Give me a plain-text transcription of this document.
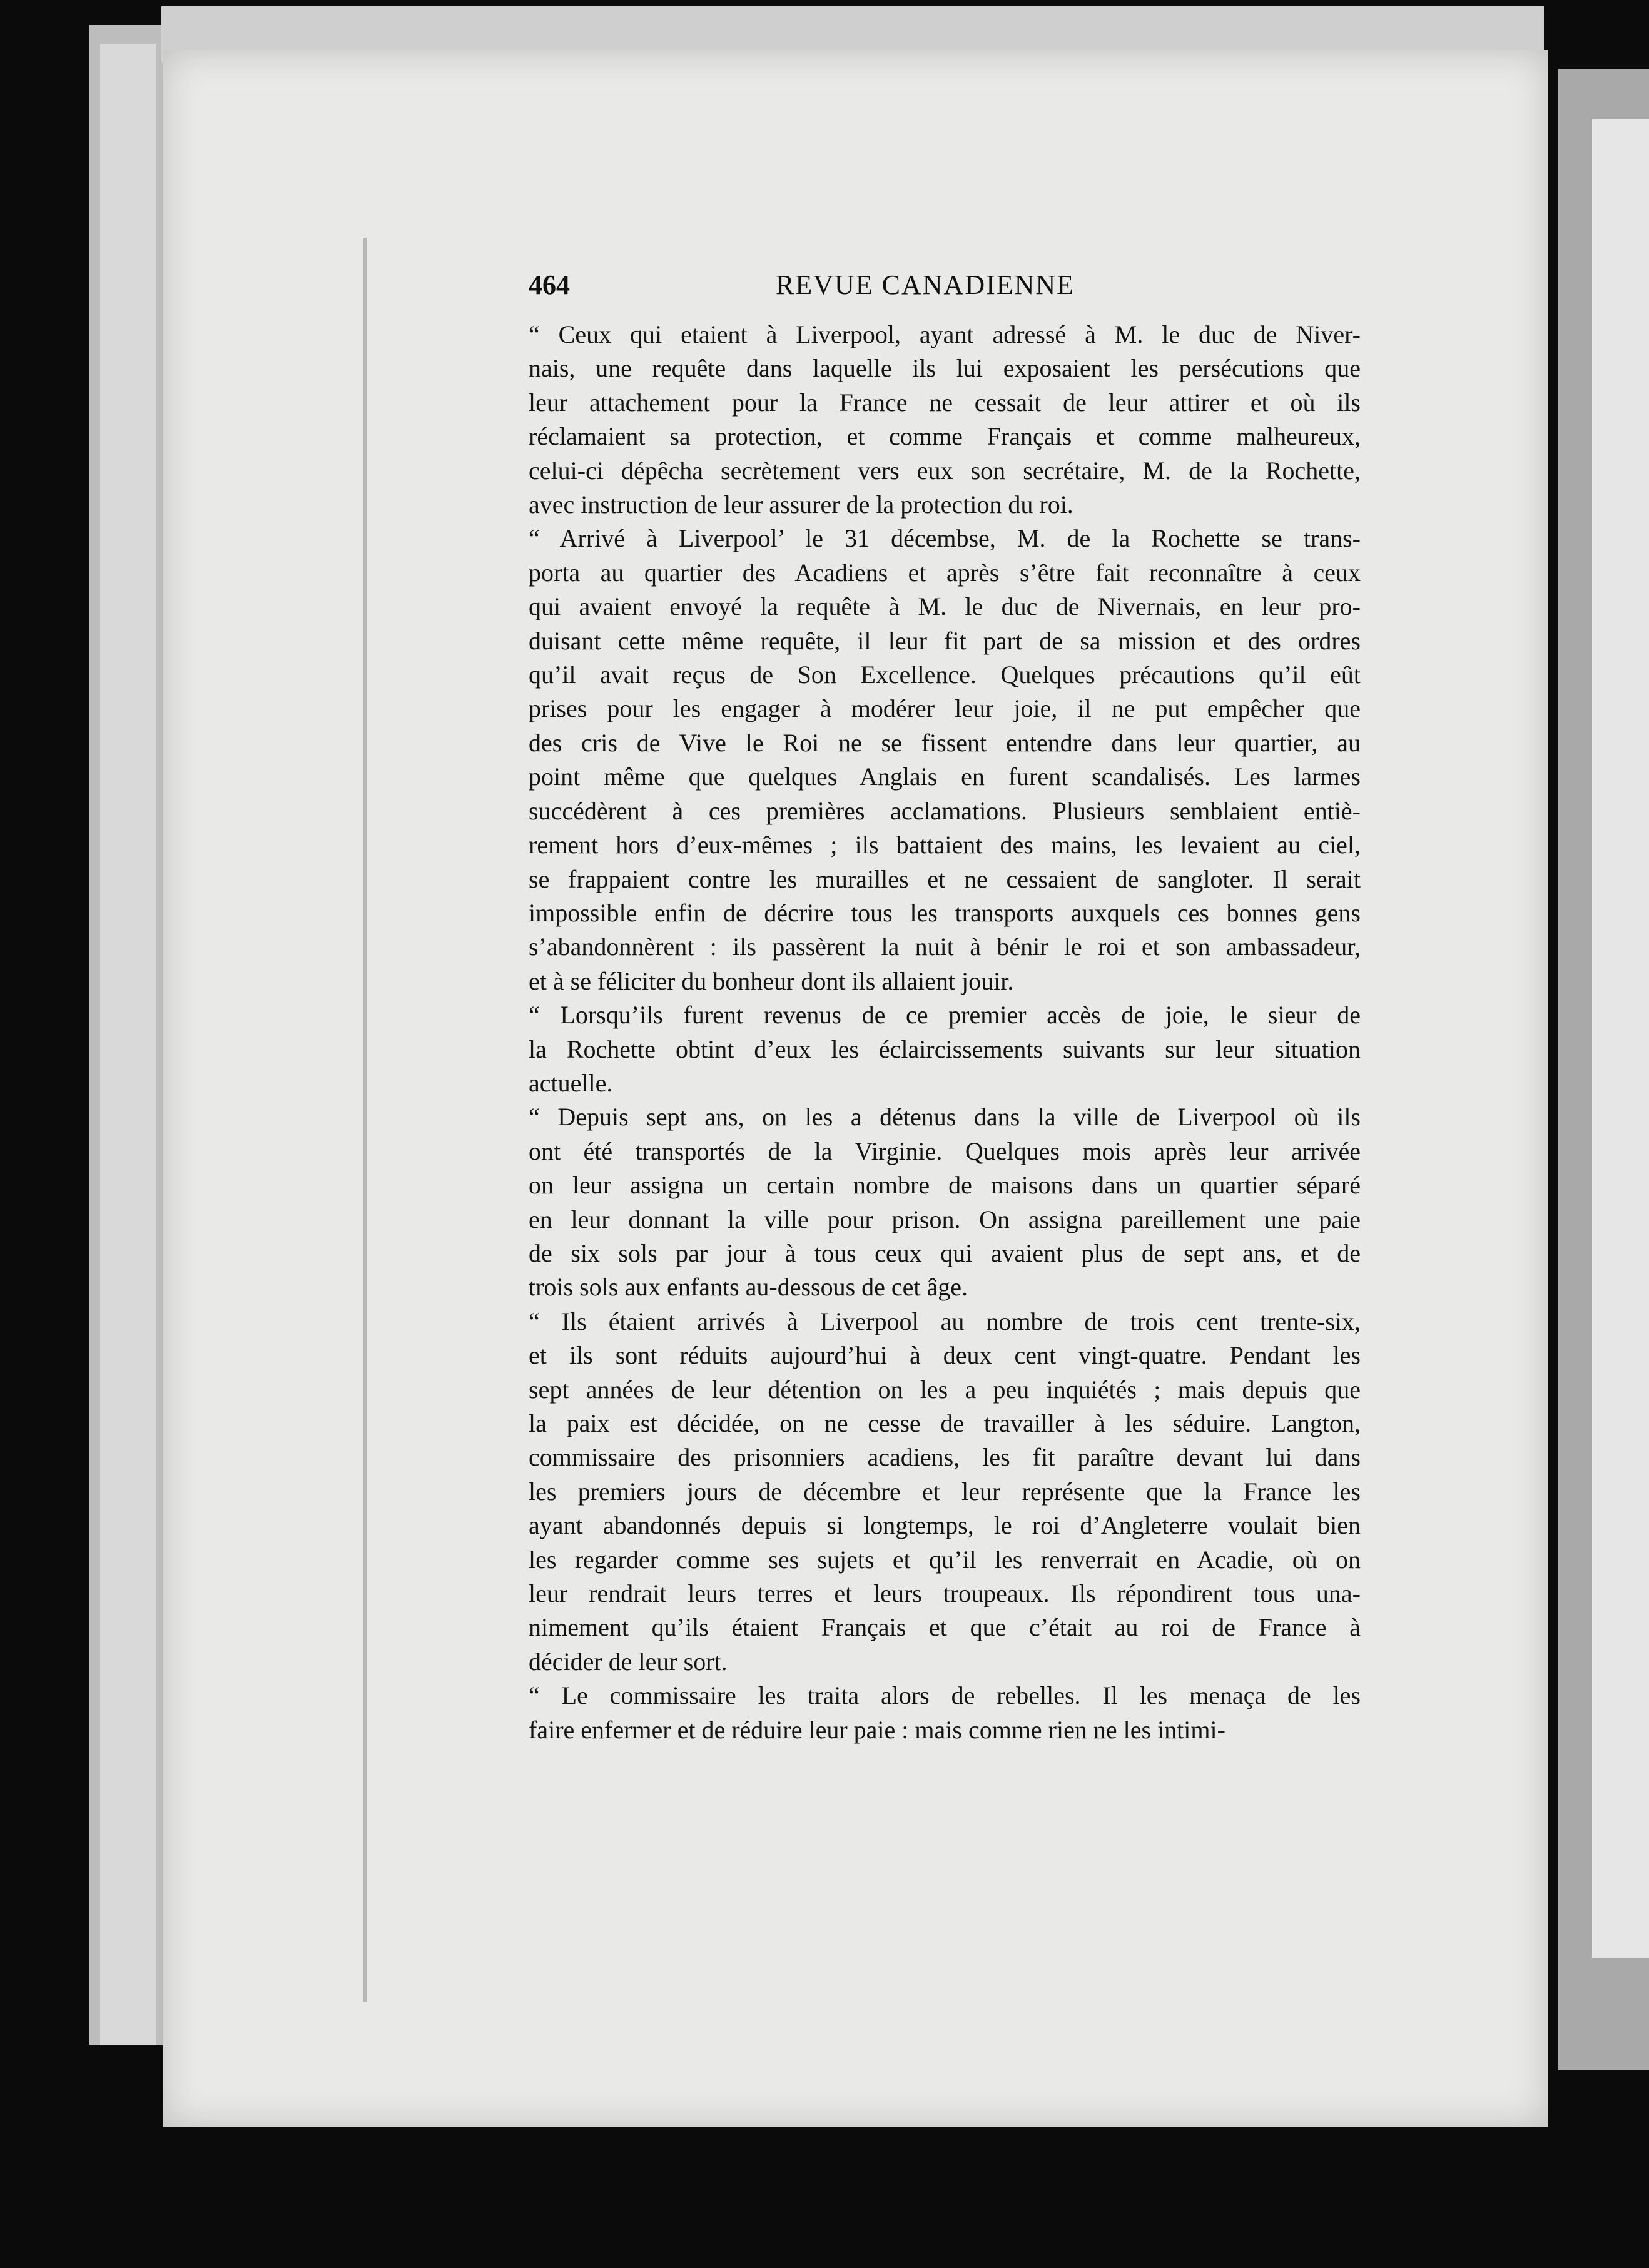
464	REVUE CANADIENNE
“ Ceux qui etaient à Liverpool, ayant adressé à M. le duc de Niver-
nais, une requête dans laquelle ils lui exposaient les persécutions que
leur attachement pour la France ne cessait de leur attirer et où ils
réclamaient sa protection, et comme Français et comme malheureux,
celui-ci dépêcha secrètement vers eux son secrétaire, M. de la Rochette,
avec instruction de leur assurer de la protection du roi.
“ Arrivé à Liverpool’ le 31 décembse, M. de la Rochette se trans-
porta au quartier des Acadiens et après s’être fait reconnaître à ceux
qui avaient envoyé la requête à M. le duc de Nivernais, en leur pro-
duisant cette même requête, il leur fit part de sa mission et des ordres
qu’il avait reçus de Son Excellence. Quelques précautions qu’il eût
prises pour les engager à modérer leur joie, il ne put empêcher que
des cris de Vive le Roi ne se fissent entendre dans leur quartier, au
point même que quelques Anglais en furent scandalisés. Les larmes
succédèrent à ces premières acclamations. Plusieurs semblaient entiè-
rement hors d’eux-mêmes ; ils battaient des mains, les levaient au ciel,
se frappaient contre les murailles et ne cessaient de sangloter. Il serait
impossible enfin de décrire tous les transports auxquels ces bonnes gens
s’abandonnèrent : ils passèrent la nuit à bénir le roi et son ambassadeur,
et à se féliciter du bonheur dont ils allaient jouir.
“ Lorsqu’ils furent revenus de ce premier accès de joie, le sieur de
la Rochette obtint d’eux les éclaircissements suivants sur leur situation
actuelle.
“ Depuis sept ans, on les a détenus dans la ville de Liverpool où ils
ont été transportés de la Virginie. Quelques mois après leur arrivée
on leur assigna un certain nombre de maisons dans un quartier séparé
en leur donnant la ville pour prison. On assigna pareillement une paie
de six sols par jour à tous ceux qui avaient plus de sept ans, et de
trois sols aux enfants au-dessous de cet âge.
“ Ils étaient arrivés à Liverpool au nombre de trois cent trente-six,
et ils sont réduits aujourd’hui à deux cent vingt-quatre. Pendant les
sept années de leur détention on les a peu inquiétés ; mais depuis que
la paix est décidée, on ne cesse de travailler à les séduire. Langton,
commissaire des prisonniers acadiens, les fit paraître devant lui dans
les premiers jours de décembre et leur représente que la France les
ayant abandonnés depuis si longtemps, le roi d’Angleterre voulait bien
les regarder comme ses sujets et qu’il les renverrait en Acadie, où on
leur rendrait leurs terres et leurs troupeaux. Ils répondirent tous una-
nimement qu’ils étaient Français et que c’était au roi de France à
décider de leur sort.
“ Le commissaire les traita alors de rebelles. Il les menaça de les
faire enfermer et de réduire leur paie : mais comme rien ne les intimi-
